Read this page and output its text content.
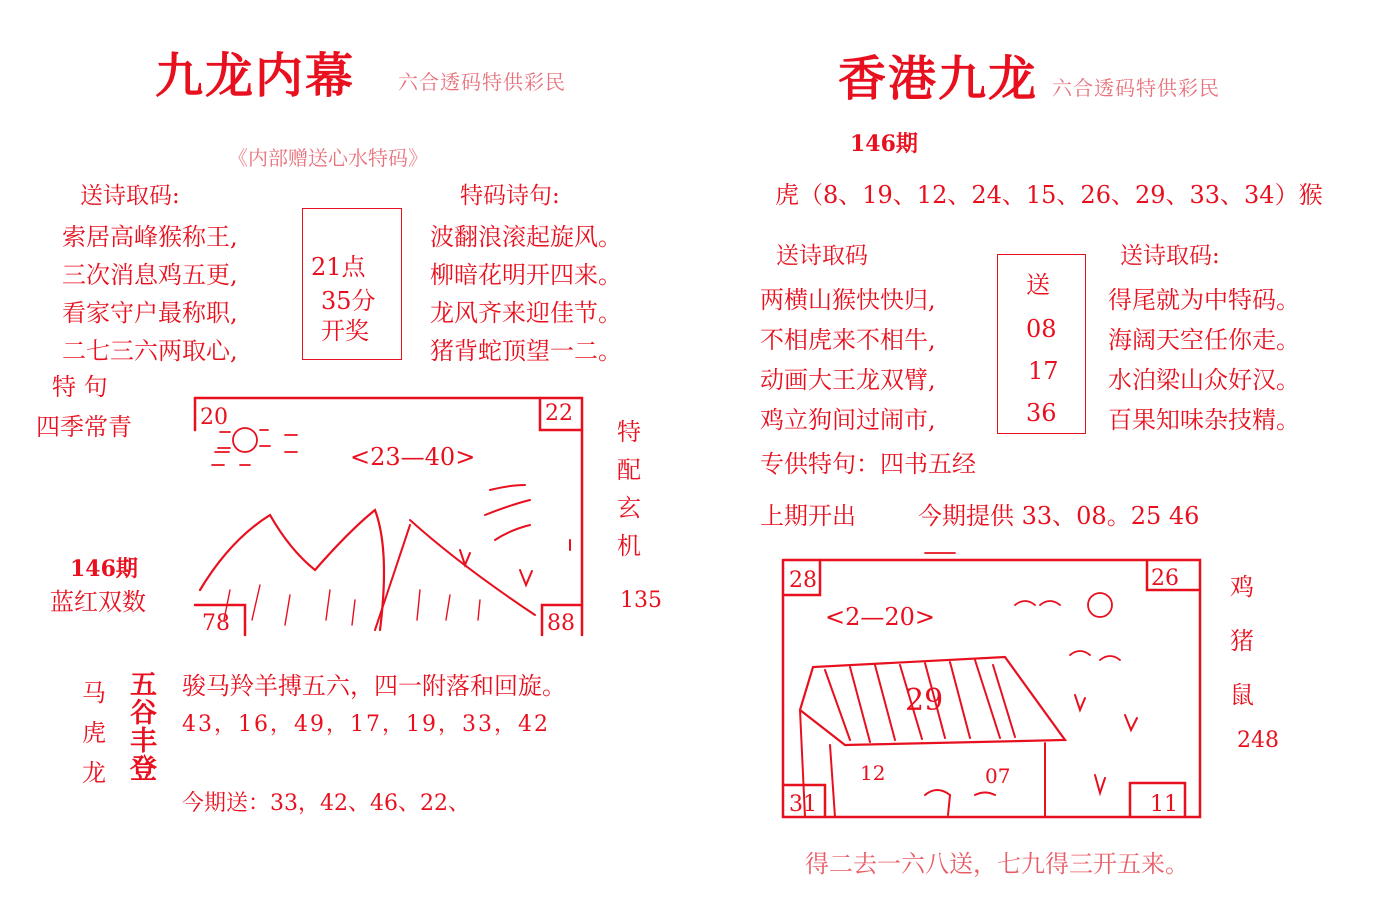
九龙内幕 六合透码特供彩民
《内部赠送心水特码》
送诗取码:
索居高峰猴称王,
三次消息鸡五更,
看家守户最称职,
二七三六两取心,
21点
35分
开奖
特码诗句:
波翻浪滚起旋风。
柳暗花明开四来。
龙风齐来迎佳节。
猪背蛇顶望一二。
特 句
四季常青
146期
蓝红双数
特
配
玄
机
135
20	22
78	88
<23—40>
马
虎
龙
五
谷
丰
登
骏马羚羊搏五六，四一附落和回旋。
43，16，49，17，19，33，42
今期送：33，42、46、22、
香港九龙 六合透码特供彩民
146期
虎（8、19、12、24、15、26、29、33、34）猴
送诗取码
两横山猴快快归,
不相虎来不相牛,
动画大王龙双臂,
鸡立狗间过闹市,
送
08
17
36
送诗取码:
得尾就为中特码。
海阔天空任你走。
水泊梁山众好汉。
百果知味杂技精。
专供特句：四书五经
上期开出	今期提供 33、08。25 46
28	26
31	11
<2—20>
29
12	07
鸡
猪
鼠
248
得二去一六八送，七九得三开五来。
